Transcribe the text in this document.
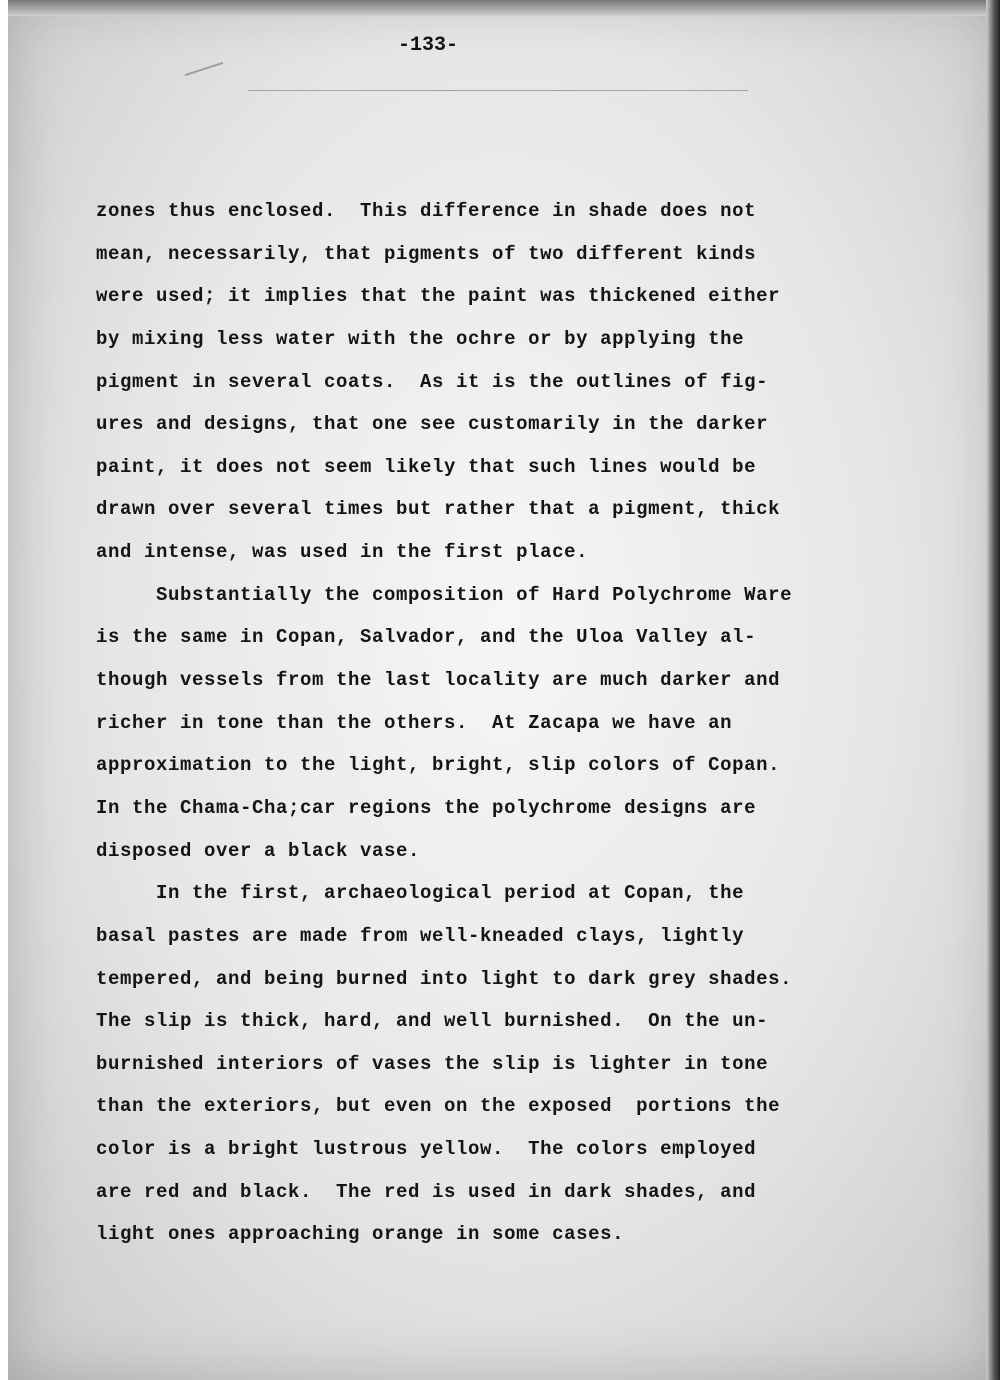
-133-
zones thus enclosed.  This difference in shade does not
mean, necessarily, that pigments of two different kinds
were used; it implies that the paint was thickened either
by mixing less water with the ochre or by applying the
pigment in several coats.  As it is the outlines of fig-
ures and designs, that one see customarily in the darker
paint, it does not seem likely that such lines would be
drawn over several times but rather that a pigment, thick
and intense, was used in the first place.
Substantially the composition of Hard Polychrome Ware
is the same in Copan, Salvador, and the Uloa Valley al-
though vessels from the last locality are much darker and
richer in tone than the others.  At Zacapa we have an
approximation to the light, bright, slip colors of Copan.
In the Chama-Cha;car regions the polychrome designs are
disposed over a black vase.
In the first, archaeological period at Copan, the
basal pastes are made from well-kneaded clays, lightly
tempered, and being burned into light to dark grey shades.
The slip is thick, hard, and well burnished.  On the un-
burnished interiors of vases the slip is lighter in tone
than the exteriors, but even on the exposed  portions the
color is a bright lustrous yellow.  The colors employed
are red and black.  The red is used in dark shades, and
light ones approaching orange in some cases.
